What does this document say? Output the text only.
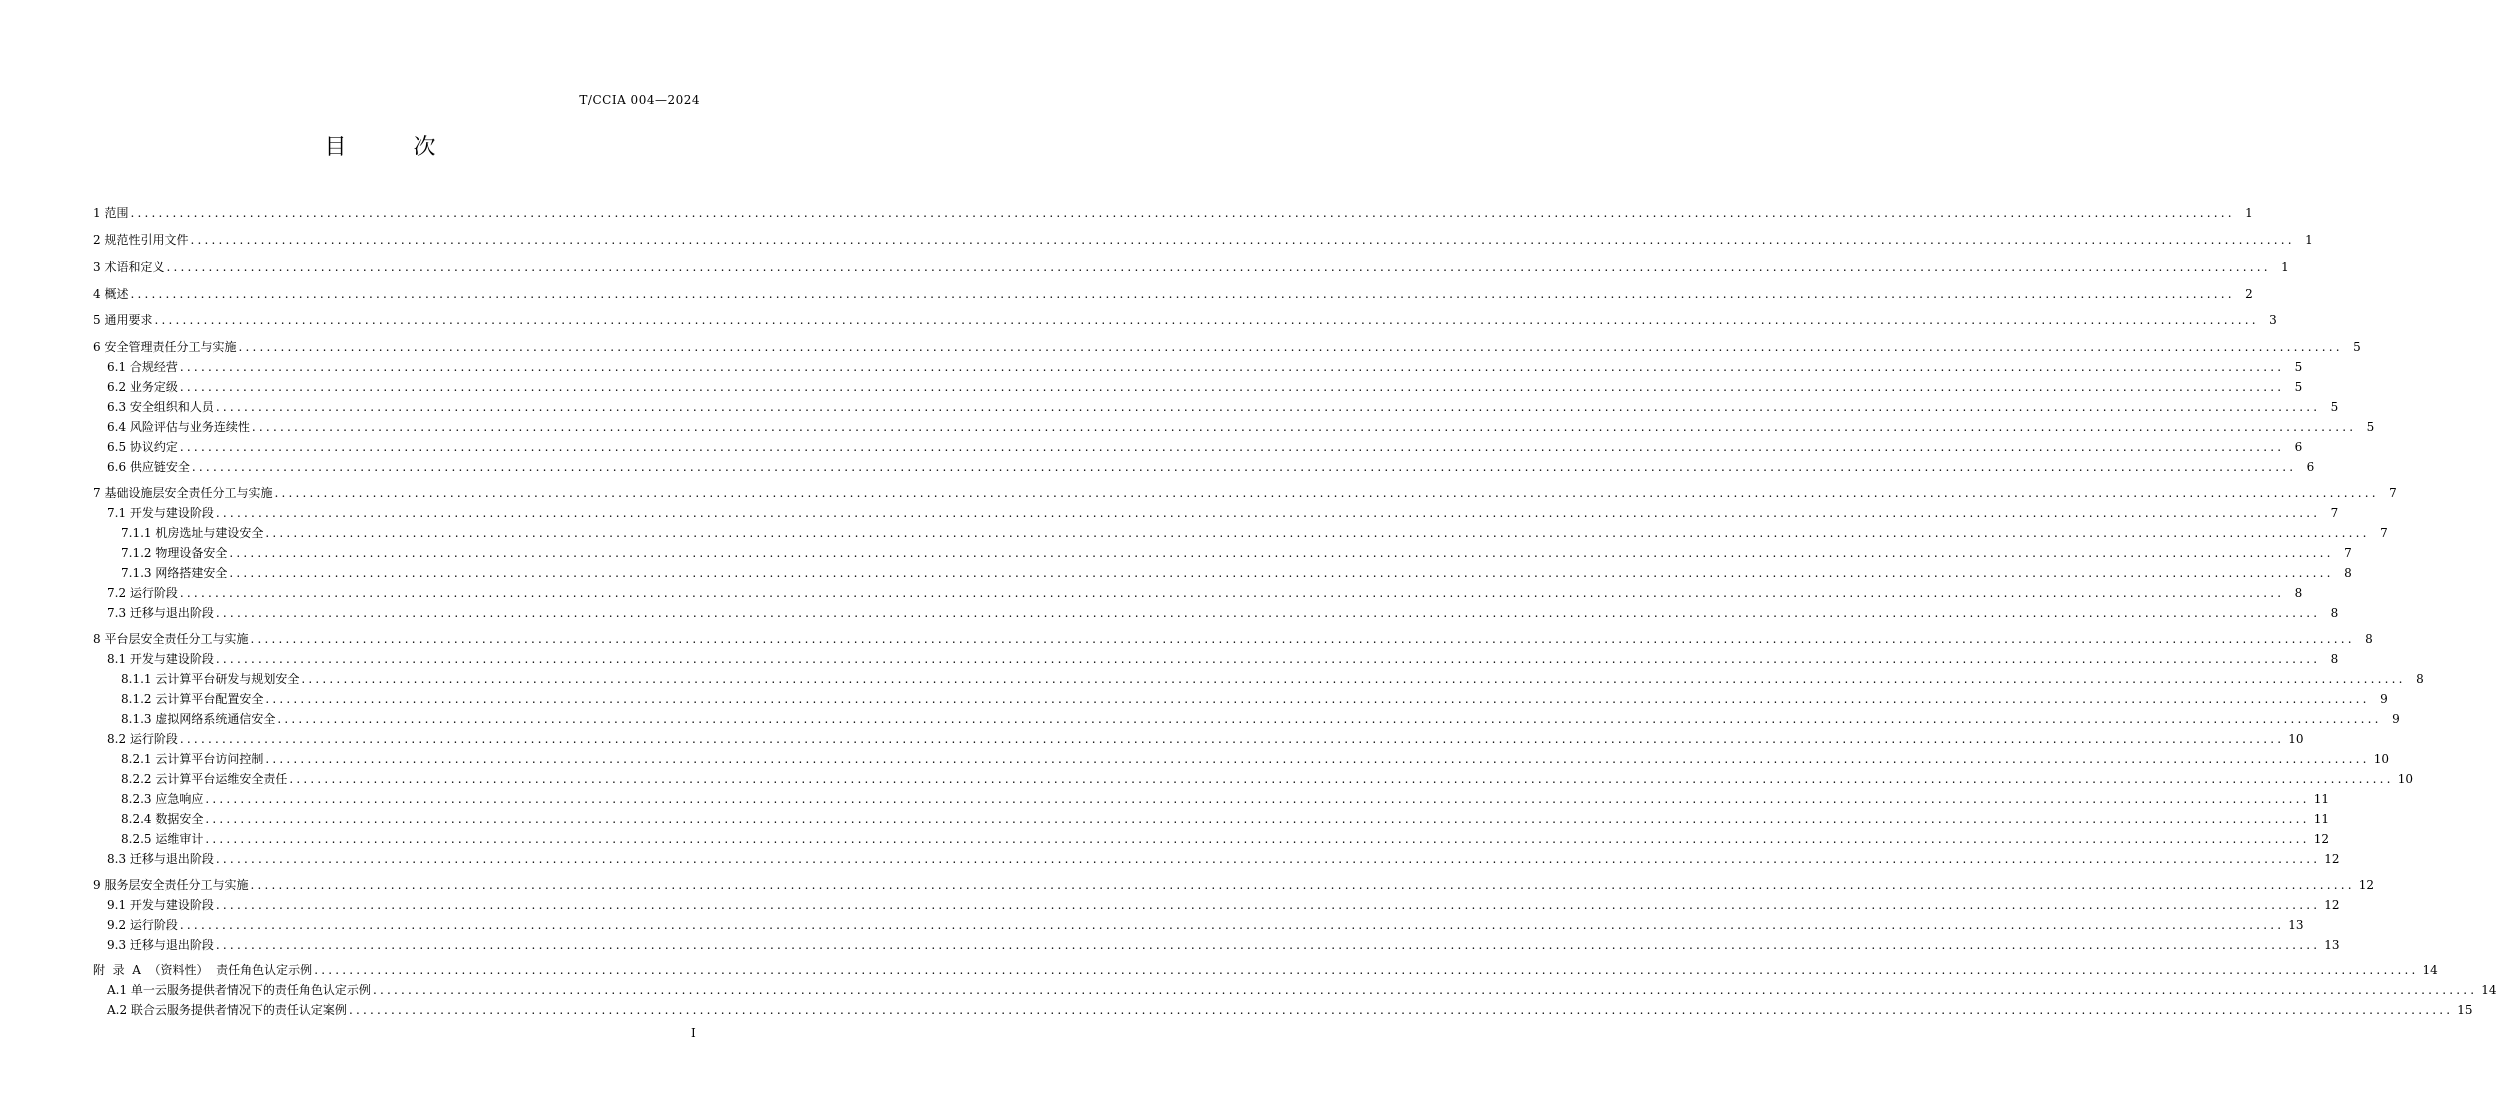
T/CCIA 004—2024
目 次
1 范围 ............................................................................................................................................................................................................................................................................................................ 1
2 规范性引用文件 ............................................................................................................................................................................................................................................................................................................ 1
3 术语和定义 ............................................................................................................................................................................................................................................................................................................ 1
4 概述 ............................................................................................................................................................................................................................................................................................................ 2
5 通用要求 ............................................................................................................................................................................................................................................................................................................ 3
6 安全管理责任分工与实施 ............................................................................................................................................................................................................................................................................................................ 5
6.1 合规经营 ............................................................................................................................................................................................................................................................................................................ 5
6.2 业务定级 ............................................................................................................................................................................................................................................................................................................ 5
6.3 安全组织和人员 ............................................................................................................................................................................................................................................................................................................ 5
6.4 风险评估与业务连续性 ............................................................................................................................................................................................................................................................................................................ 5
6.5 协议约定 ............................................................................................................................................................................................................................................................................................................ 6
6.6 供应链安全 ............................................................................................................................................................................................................................................................................................................ 6
7 基础设施层安全责任分工与实施 ............................................................................................................................................................................................................................................................................................................ 7
7.1 开发与建设阶段 ............................................................................................................................................................................................................................................................................................................ 7
7.1.1 机房选址与建设安全 ............................................................................................................................................................................................................................................................................................................ 7
7.1.2 物理设备安全 ............................................................................................................................................................................................................................................................................................................ 7
7.1.3 网络搭建安全 ............................................................................................................................................................................................................................................................................................................ 8
7.2 运行阶段 ............................................................................................................................................................................................................................................................................................................ 8
7.3 迁移与退出阶段 ............................................................................................................................................................................................................................................................................................................ 8
8 平台层安全责任分工与实施 ............................................................................................................................................................................................................................................................................................................ 8
8.1 开发与建设阶段 ............................................................................................................................................................................................................................................................................................................ 8
8.1.1 云计算平台研发与规划安全 ............................................................................................................................................................................................................................................................................................................ 8
8.1.2 云计算平台配置安全 ............................................................................................................................................................................................................................................................................................................ 9
8.1.3 虚拟网络系统通信安全 ............................................................................................................................................................................................................................................................................................................ 9
8.2 运行阶段 ............................................................................................................................................................................................................................................................................................................ 10
8.2.1 云计算平台访问控制 ............................................................................................................................................................................................................................................................................................................ 10
8.2.2 云计算平台运维安全责任 ............................................................................................................................................................................................................................................................................................................ 10
8.2.3 应急响应 ............................................................................................................................................................................................................................................................................................................ 11
8.2.4 数据安全 ............................................................................................................................................................................................................................................................................................................ 11
8.2.5 运维审计 ............................................................................................................................................................................................................................................................................................................ 12
8.3 迁移与退出阶段 ............................................................................................................................................................................................................................................................................................................ 12
9 服务层安全责任分工与实施 ............................................................................................................................................................................................................................................................................................................ 12
9.1 开发与建设阶段 ............................................................................................................................................................................................................................................................................................................ 12
9.2 运行阶段 ............................................................................................................................................................................................................................................................................................................ 13
9.3 迁移与退出阶段 ............................................................................................................................................................................................................................................................................................................ 13
附  录  A  （资料性）  责任角色认定示例 ............................................................................................................................................................................................................................................................................................................ 14
A.1 单一云服务提供者情况下的责任角色认定示例 ............................................................................................................................................................................................................................................................................................................ 14
A.2 联合云服务提供者情况下的责任认定案例 ............................................................................................................................................................................................................................................................................................................ 15
I
